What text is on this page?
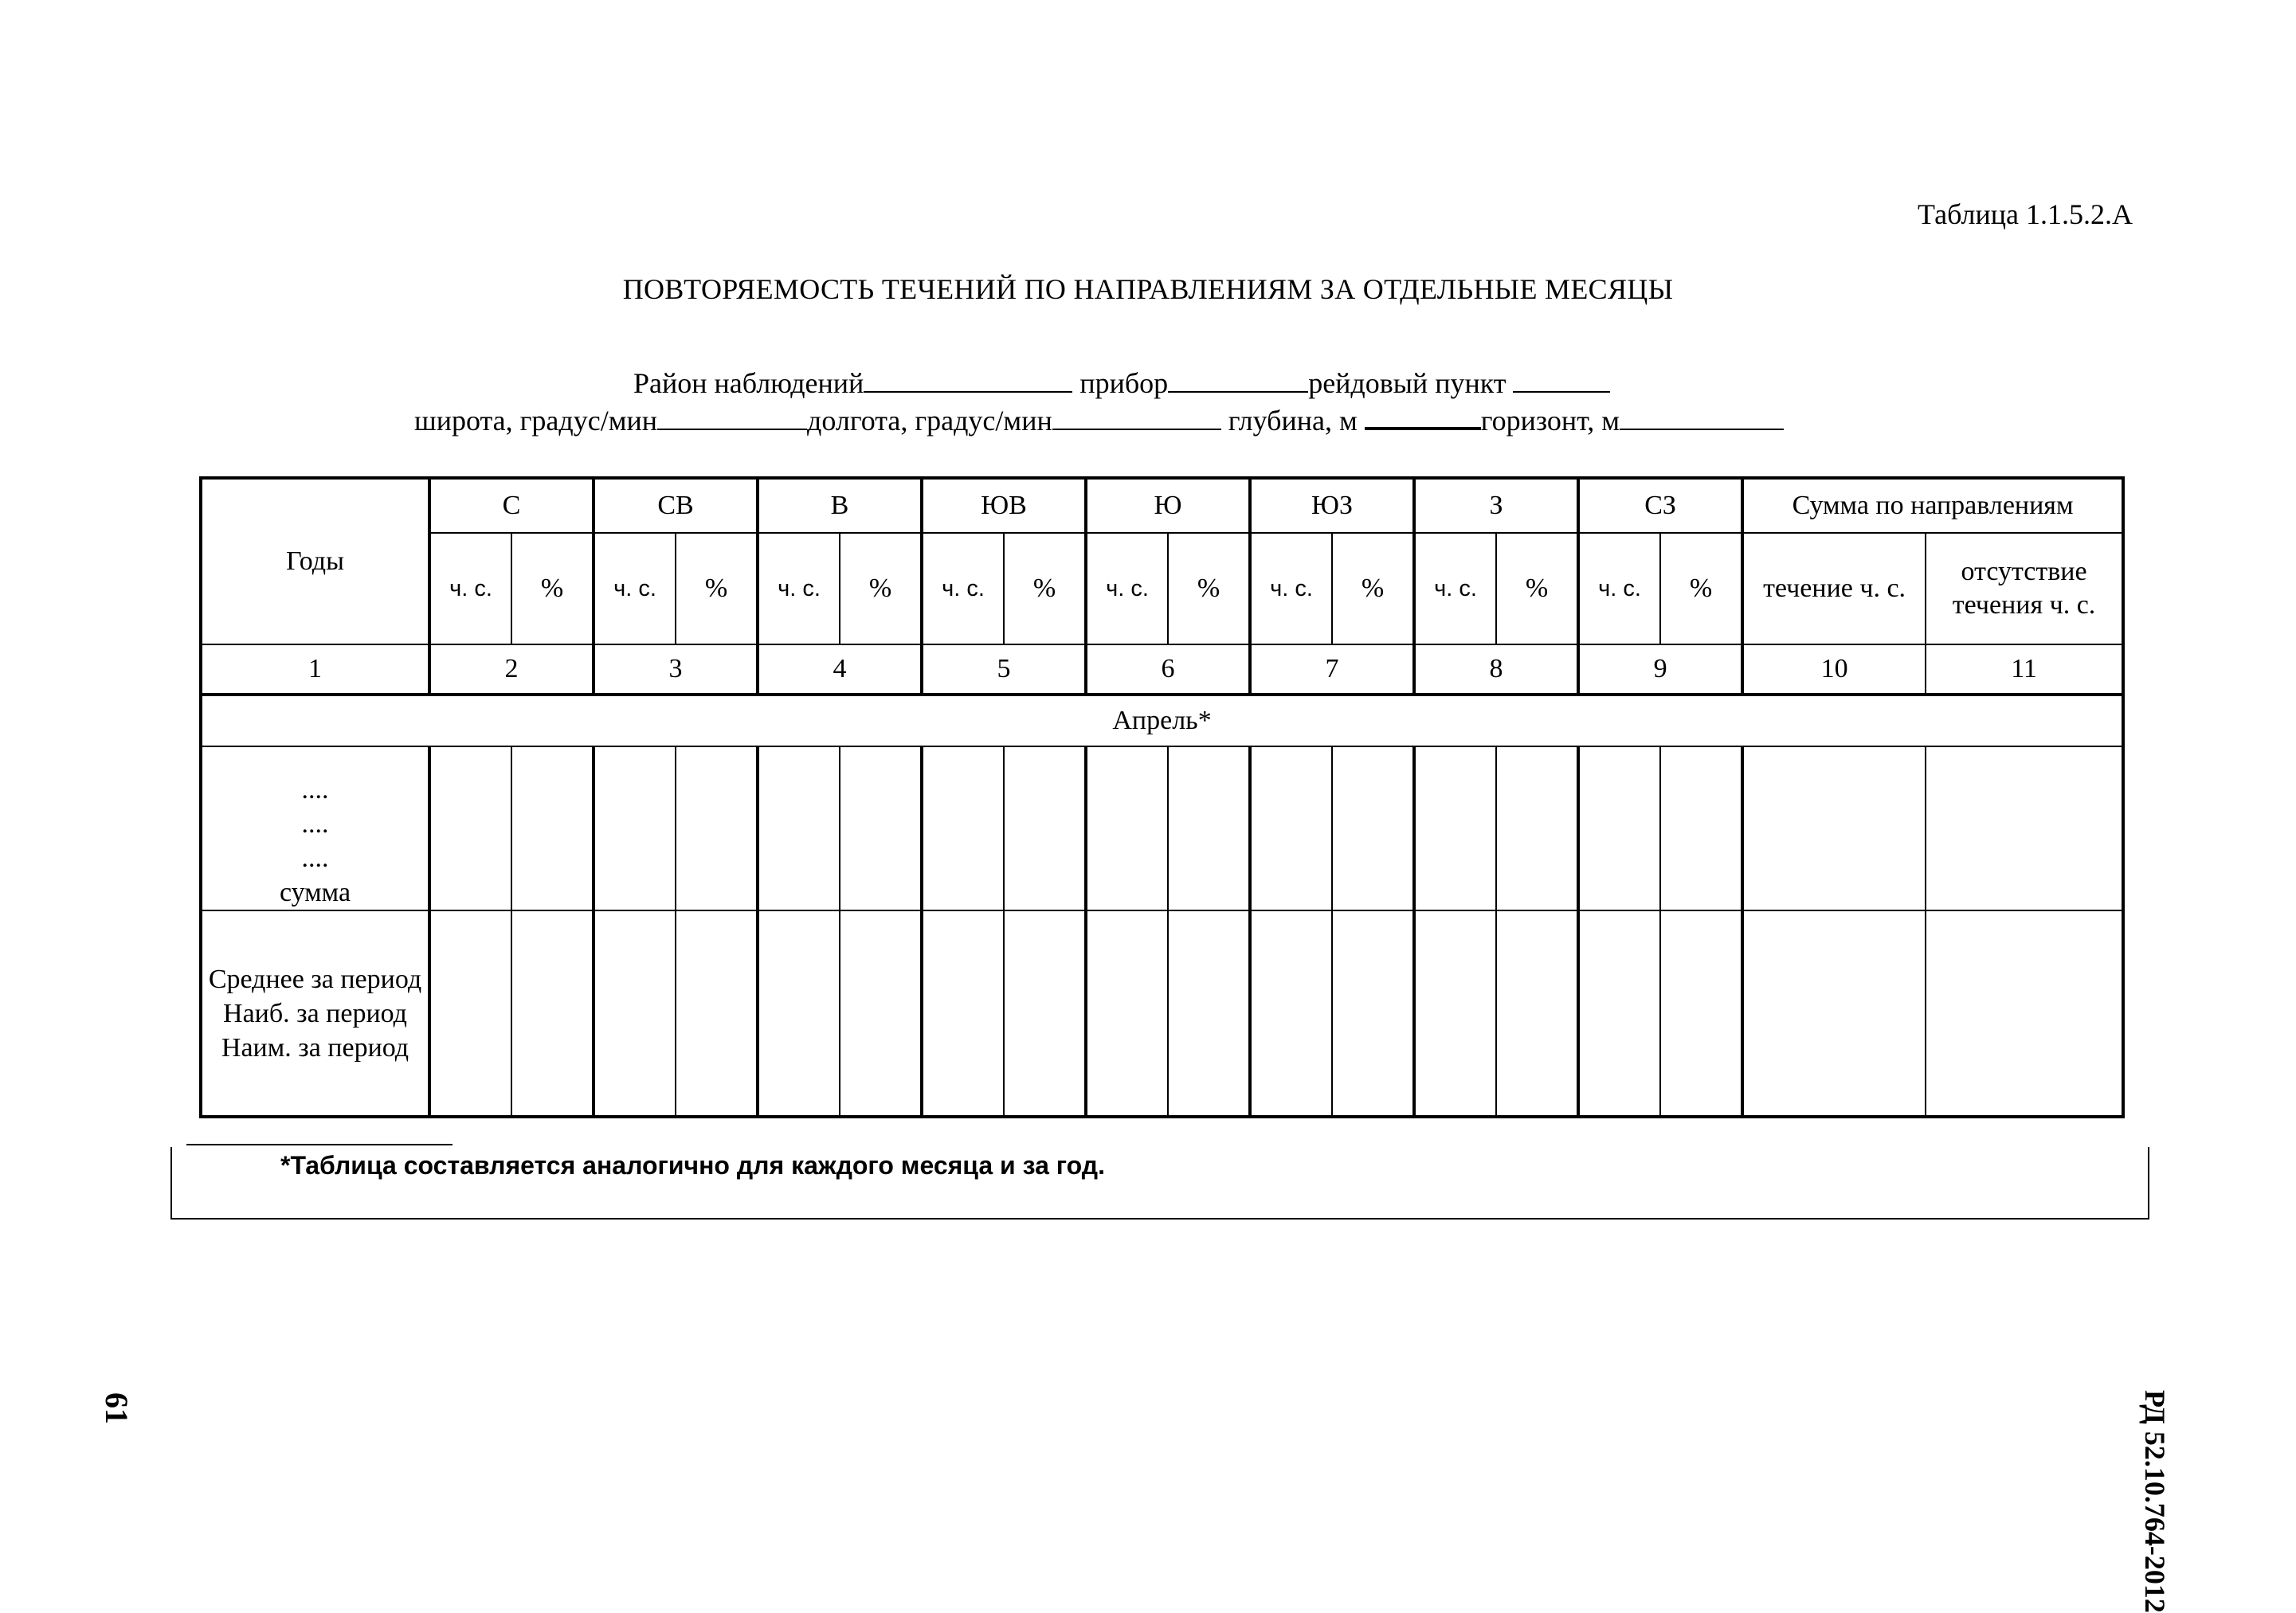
Таблица 1.1.5.2.А
ПОВТОРЯЕМОСТЬ ТЕЧЕНИЙ ПО НАПРАВЛЕНИЯМ ЗА ОТДЕЛЬНЫЕ МЕСЯЦЫ
Район наблюдений	прибор	рейдовый пункт
широта, градус/мин	долгота, градус/мин	глубина, м	горизонт, м
Годы	С		СВ		В		ЮВ		Ю		ЮЗ		З		СЗ		Сумма по направлениям	
	ч. с.	%	ч. с.	%	ч. с.	%	ч. с.	%	ч. с.	%	ч. с.	%	ч. с.	%	ч. с.	%	течение ч. с.	отсутствие течения ч. с.
1	2		3		4		5		6		7		8		9		10	11
Апрель*																		

....
....
....
сумма																		

Среднее за период
Наиб. за период
Наим. за период																		

*Таблица составляется аналогично для каждого месяца и за год.
РД 52.10.764-2012
61
